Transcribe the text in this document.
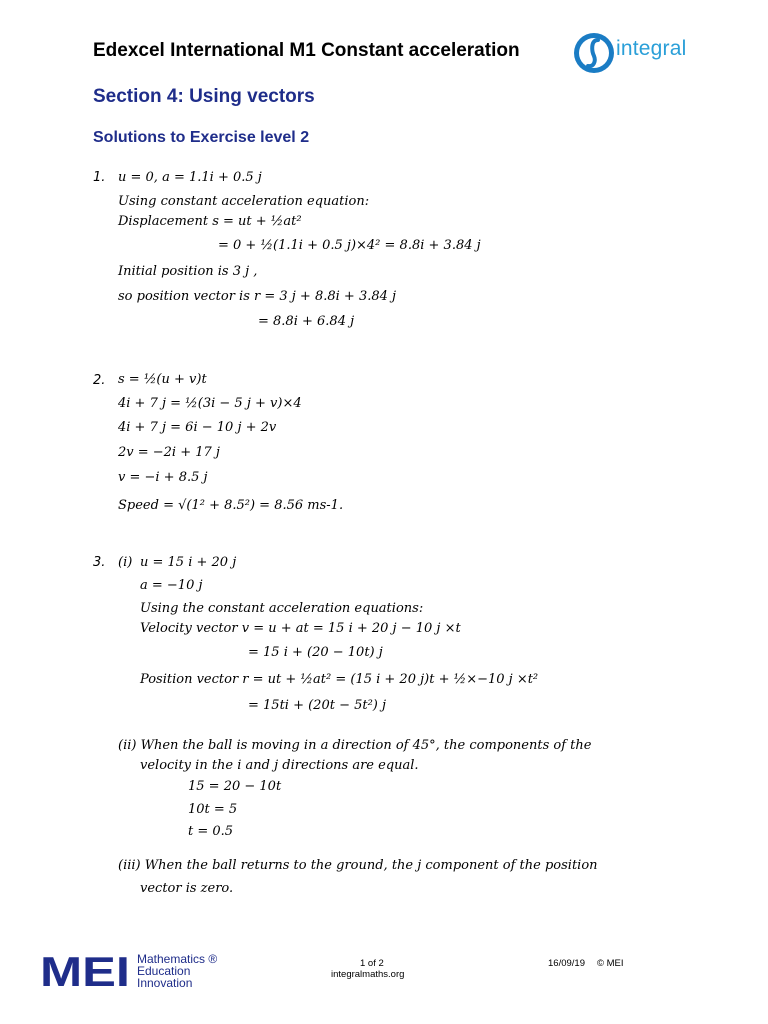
Edexcel International M1 Constant acceleration	integral
Section 4: Using vectors
Solutions to Exercise level 2
1. u = 0, a = 1.1i + 0.5 j
Using constant acceleration equation:
Displacement s = ut + ½at²
= 0 + ½(1.1i + 0.5 j)×4² = 8.8i + 3.84 j
Initial position is 3 j ,
so position vector is r = 3 j + 8.8i + 3.84 j
= 8.8i + 6.84 j
2. s = ½(u + v)t
4i + 7 j = ½(3i − 5 j + v)×4
4i + 7 j = 6i − 10 j + 2v
2v = −2i + 17 j
v = −i + 8.5 j
Speed = √(1² + 8.5²) = 8.56 ms-1.
3. (i) u = 15 i + 20 j
a = −10 j
Using the constant acceleration equations:
Velocity vector v = u + at = 15 i + 20 j − 10 j ×t
= 15 i + (20 − 10t) j
Position vector r = ut + ½at² = (15 i + 20 j)t + ½×−10 j ×t²
= 15ti + (20t − 5t²) j
(ii) When the ball is moving in a direction of 45°, the components of the
velocity in the i and j directions are equal.
15 = 20 − 10t
10t = 5
t = 0.5
(iii) When the ball returns to the ground, the j component of the position
vector is zero.
MEI Mathematics ®
Education
Innovation
1 of 2
integralmaths.org
16/09/19 © MEI
